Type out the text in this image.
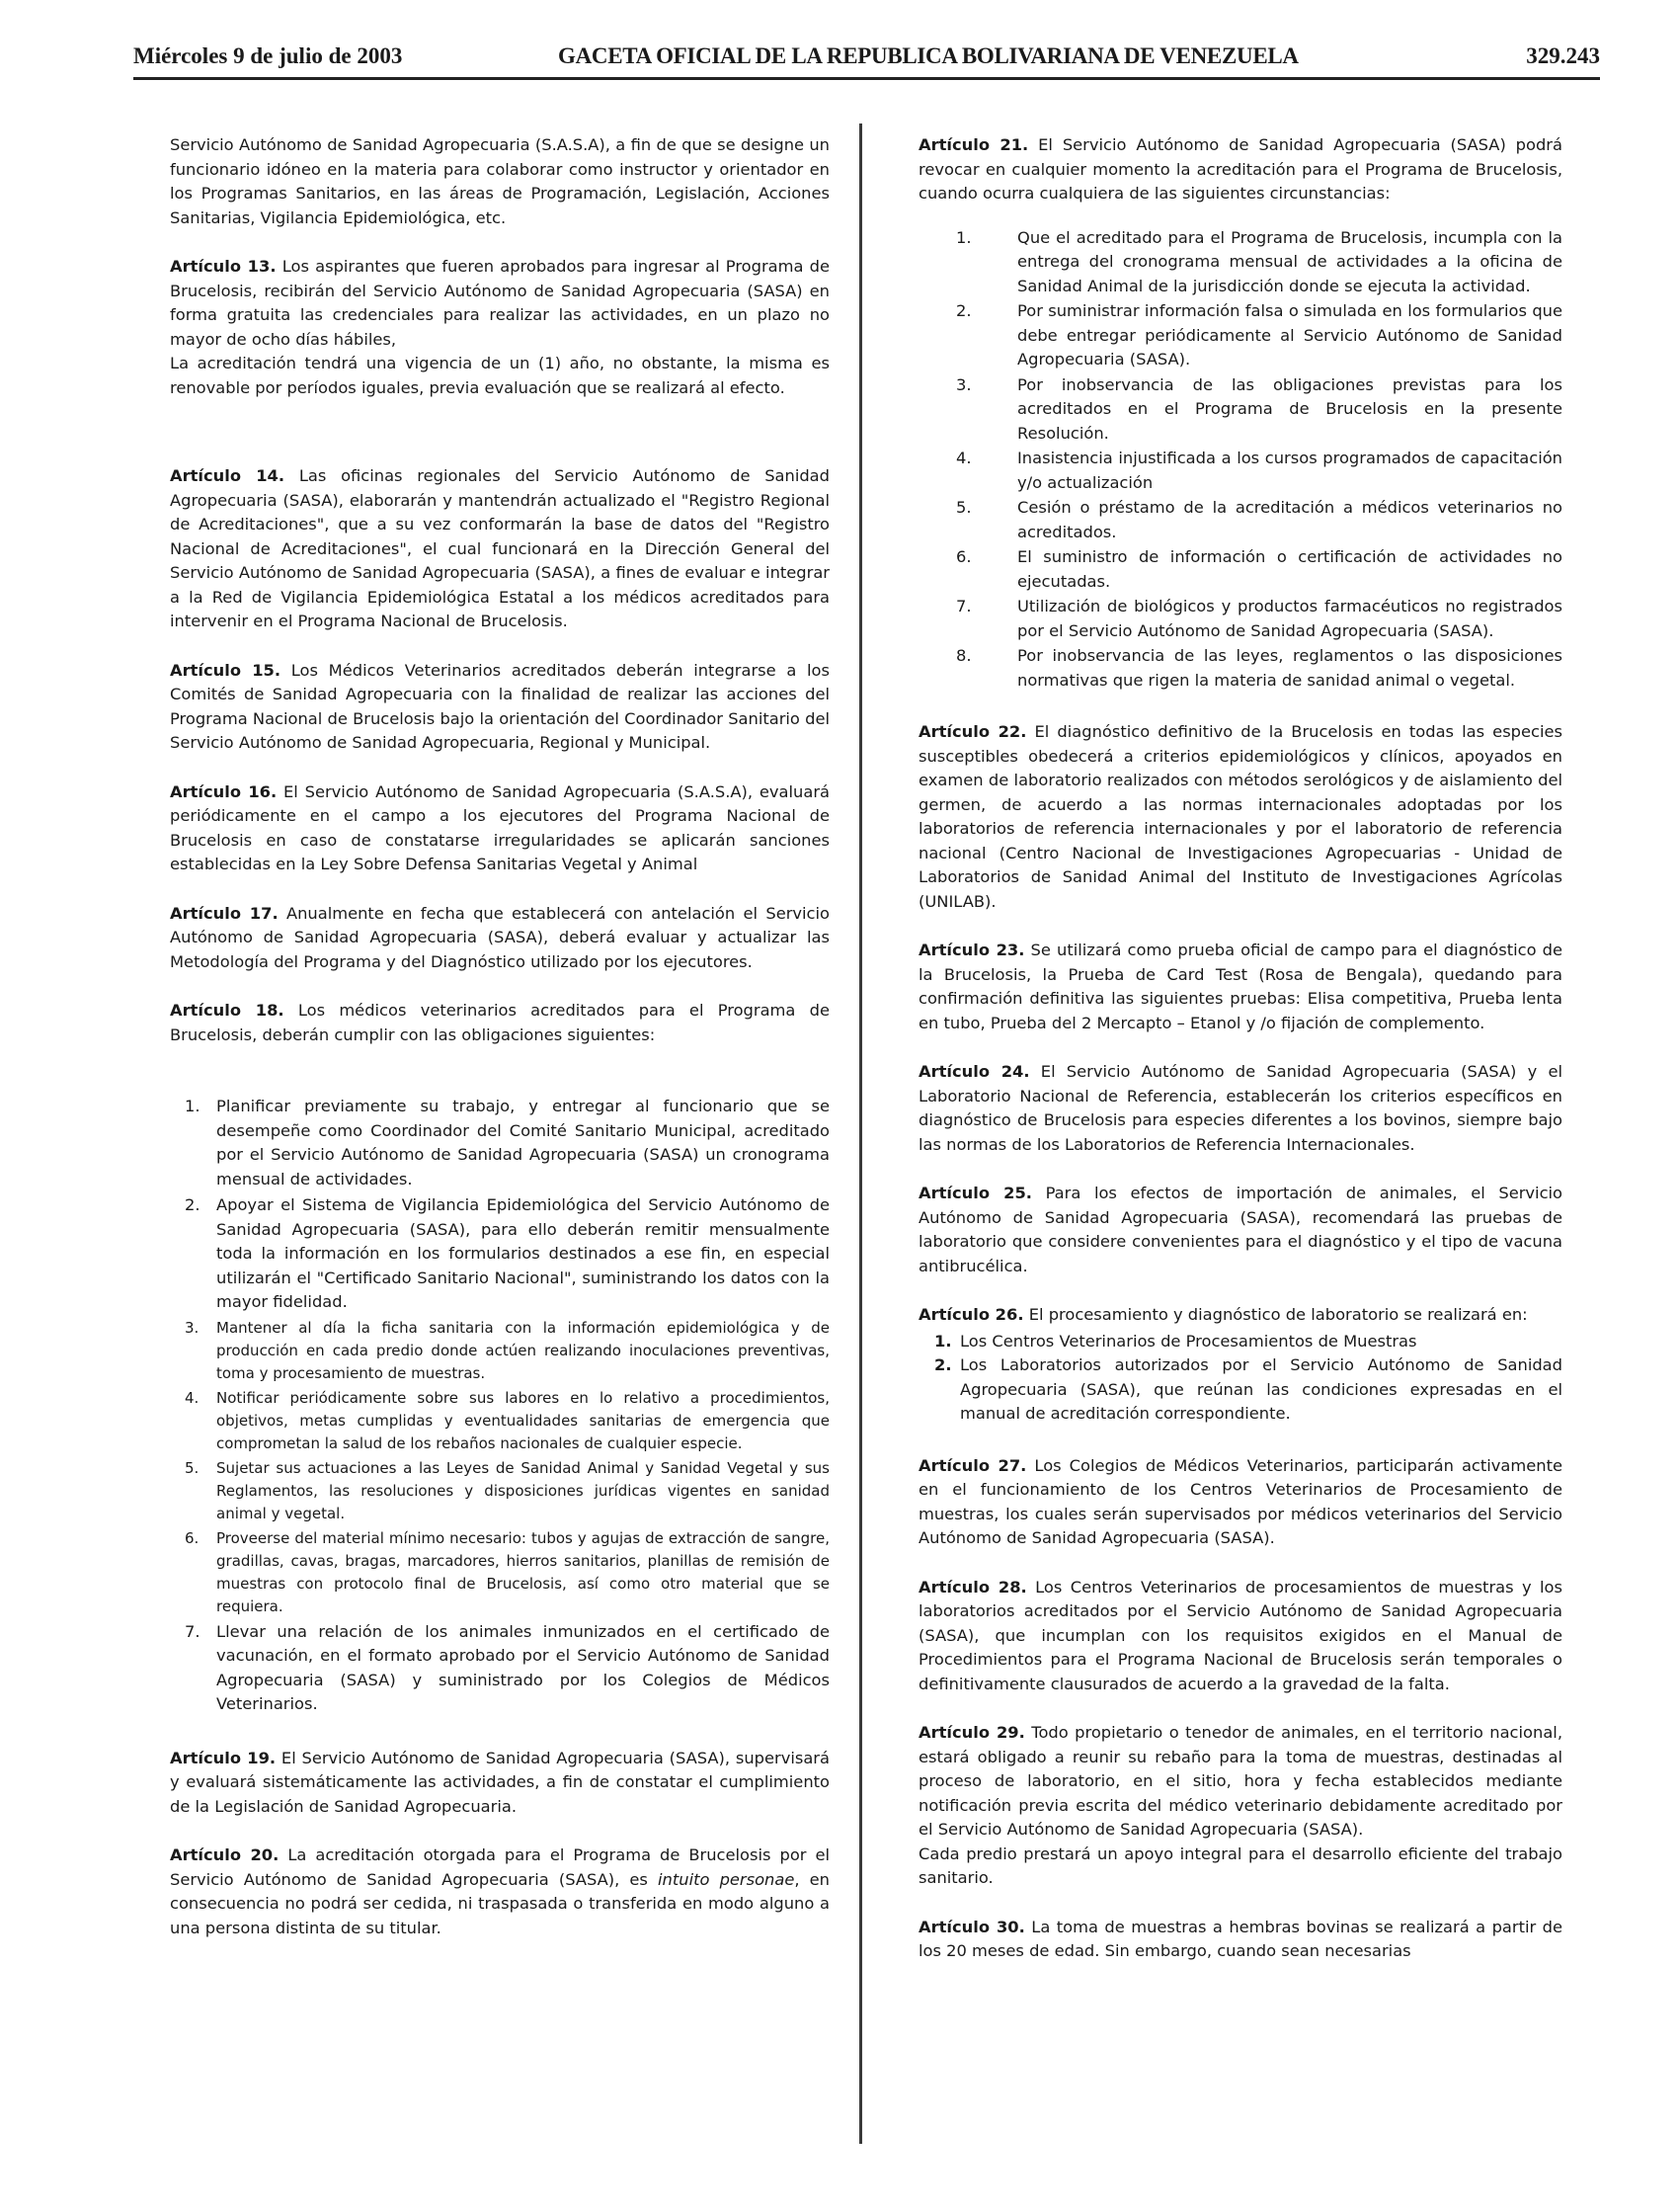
Miércoles 9 de julio de 2003	GACETA OFICIAL DE LA REPUBLICA BOLIVARIANA DE VENEZUELA	329.243

Servicio Autónomo de Sanidad Agropecuaria (S.A.S.A), a fin de que se designe un funcionario idóneo en la materia para colaborar como instructor y orientador en los Programas Sanitarios, en las áreas de Programación, Legislación, Acciones Sanitarias, Vigilancia Epidemiológica, etc.

Artículo 13. Los aspirantes que fueren aprobados para ingresar al Programa de Brucelosis, recibirán del Servicio Autónomo de Sanidad Agropecuaria (SASA) en forma gratuita las credenciales para realizar las actividades, en un plazo no mayor de ocho días hábiles,
La acreditación tendrá una vigencia de un (1) año, no obstante, la misma es renovable por períodos iguales, previa evaluación que se realizará al efecto.

Artículo 14. Las oficinas regionales del Servicio Autónomo de Sanidad Agropecuaria (SASA), elaborarán y mantendrán actualizado el "Registro Regional de Acreditaciones", que a su vez conformarán la base de datos del "Registro Nacional de Acreditaciones", el cual funcionará en la Dirección General del Servicio Autónomo de Sanidad Agropecuaria (SASA), a fines de evaluar e integrar a la Red de Vigilancia Epidemiológica Estatal a los médicos acreditados para intervenir en el Programa Nacional de Brucelosis.

Artículo 15. Los Médicos Veterinarios acreditados deberán integrarse a los Comités de Sanidad Agropecuaria con la finalidad de realizar las acciones del Programa Nacional de Brucelosis bajo la orientación del Coordinador Sanitario del Servicio Autónomo de Sanidad Agropecuaria, Regional y Municipal.

Artículo 16. El Servicio Autónomo de Sanidad Agropecuaria (S.A.S.A), evaluará periódicamente en el campo a los ejecutores del Programa Nacional de Brucelosis en caso de constatarse irregularidades se aplicarán sanciones establecidas en la Ley Sobre Defensa Sanitarias Vegetal y Animal

Artículo 17. Anualmente en fecha que establecerá con antelación el Servicio Autónomo de Sanidad Agropecuaria (SASA), deberá evaluar y actualizar las Metodología del Programa y del Diagnóstico utilizado por los ejecutores.

Artículo 18. Los médicos veterinarios acreditados para el Programa de Brucelosis, deberán cumplir con las obligaciones siguientes:

1. Planificar previamente su trabajo, y entregar al funcionario que se desempeñe como Coordinador del Comité Sanitario Municipal, acreditado por el Servicio Autónomo de Sanidad Agropecuaria (SASA) un cronograma mensual de actividades.
2. Apoyar el Sistema de Vigilancia Epidemiológica del Servicio Autónomo de Sanidad Agropecuaria (SASA), para ello deberán remitir mensualmente toda la información en los formularios destinados a ese fin, en especial utilizarán el "Certificado Sanitario Nacional", suministrando los datos con la mayor fidelidad.
3. Mantener al día la ficha sanitaria con la información epidemiológica y de producción en cada predio donde actúen realizando inoculaciones preventivas, toma y procesamiento de muestras.
4. Notificar periódicamente sobre sus labores en lo relativo a procedimientos, objetivos, metas cumplidas y eventualidades sanitarias de emergencia que comprometan la salud de los rebaños nacionales de cualquier especie.
5. Sujetar sus actuaciones a las Leyes de Sanidad Animal y Sanidad Vegetal y sus Reglamentos, las resoluciones y disposiciones jurídicas vigentes en sanidad animal y vegetal.
6. Proveerse del material mínimo necesario: tubos y agujas de extracción de sangre, gradillas, cavas, bragas, marcadores, hierros sanitarios, planillas de remisión de muestras con protocolo final de Brucelosis, así como otro material que se requiera.
7. Llevar una relación de los animales inmunizados en el certificado de vacunación, en el formato aprobado por el Servicio Autónomo de Sanidad Agropecuaria (SASA) y suministrado por los Colegios de Médicos Veterinarios.

Artículo 19. El Servicio Autónomo de Sanidad Agropecuaria (SASA), supervisará y evaluará sistemáticamente las actividades, a fin de constatar el cumplimiento de la Legislación de Sanidad Agropecuaria.

Artículo 20. La acreditación otorgada para el Programa de Brucelosis por el Servicio Autónomo de Sanidad Agropecuaria (SASA), es intuito personae, en consecuencia no podrá ser cedida, ni traspasada o transferida en modo alguno a una persona distinta de su titular.

Artículo 21. El Servicio Autónomo de Sanidad Agropecuaria (SASA) podrá revocar en cualquier momento la acreditación para el Programa de Brucelosis, cuando ocurra cualquiera de las siguientes circunstancias:

1.	Que el acreditado para el Programa de Brucelosis, incumpla con la entrega del cronograma mensual de actividades a la oficina de Sanidad Animal de la jurisdicción donde se ejecuta la actividad.
2.	Por suministrar información falsa o simulada en los formularios que debe entregar periódicamente al Servicio Autónomo de Sanidad Agropecuaria (SASA).
3.	Por inobservancia de las obligaciones previstas para los acreditados en el Programa de Brucelosis en la presente Resolución.
4.	Inasistencia injustificada a los cursos programados de capacitación y/o actualización
5.	Cesión o préstamo de la acreditación a médicos veterinarios no acreditados.
6.	El suministro de información o certificación de actividades no ejecutadas.
7.	Utilización de biológicos y productos farmacéuticos no registrados por el Servicio Autónomo de Sanidad Agropecuaria (SASA).
8.	Por inobservancia de las leyes, reglamentos o las disposiciones normativas que rigen la materia de sanidad animal o vegetal.

Artículo 22. El diagnóstico definitivo de la Brucelosis en todas las especies susceptibles obedecerá a criterios epidemiológicos y clínicos, apoyados en examen de laboratorio realizados con métodos serológicos y de aislamiento del germen, de acuerdo a las normas internacionales adoptadas por los laboratorios de referencia internacionales y por el laboratorio de referencia nacional (Centro Nacional de Investigaciones Agropecuarias - Unidad de Laboratorios de Sanidad Animal del Instituto de Investigaciones Agrícolas (UNILAB).

Artículo 23. Se utilizará como prueba oficial de campo para el diagnóstico de la Brucelosis, la Prueba de Card Test (Rosa de Bengala), quedando para confirmación definitiva las siguientes pruebas: Elisa competitiva, Prueba lenta en tubo, Prueba del 2 Mercapto – Etanol y /o fijación de complemento.

Artículo 24. El Servicio Autónomo de Sanidad Agropecuaria (SASA) y el Laboratorio Nacional de Referencia, establecerán los criterios específicos en diagnóstico de Brucelosis para especies diferentes a los bovinos, siempre bajo las normas de los Laboratorios de Referencia Internacionales.

Artículo 25. Para los efectos de importación de animales, el Servicio Autónomo de Sanidad Agropecuaria (SASA), recomendará las pruebas de laboratorio que considere convenientes para el diagnóstico y el tipo de vacuna antibrucélica.

Artículo 26. El procesamiento y diagnóstico de laboratorio se realizará en:

1. Los Centros Veterinarios de Procesamientos de Muestras
2. Los Laboratorios autorizados por el Servicio Autónomo de Sanidad Agropecuaria (SASA), que reúnan las condiciones expresadas en el manual de acreditación correspondiente.

Artículo 27. Los Colegios de Médicos Veterinarios, participarán activamente en el funcionamiento de los Centros Veterinarios de Procesamiento de muestras, los cuales serán supervisados por médicos veterinarios del Servicio Autónomo de Sanidad Agropecuaria (SASA).

Artículo 28. Los Centros Veterinarios de procesamientos de muestras y los laboratorios acreditados por el Servicio Autónomo de Sanidad Agropecuaria (SASA), que incumplan con los requisitos exigidos en el Manual de Procedimientos para el Programa Nacional de Brucelosis serán temporales o definitivamente clausurados de acuerdo a la gravedad de la falta.

Artículo 29. Todo propietario o tenedor de animales, en el territorio nacional, estará obligado a reunir su rebaño para la toma de muestras, destinadas al proceso de laboratorio, en el sitio, hora y fecha establecidos mediante notificación previa escrita del médico veterinario debidamente acreditado por el Servicio Autónomo de Sanidad Agropecuaria (SASA).
Cada predio prestará un apoyo integral para el desarrollo eficiente del trabajo sanitario.

Artículo 30. La toma de muestras a hembras bovinas se realizará a partir de los 20 meses de edad. Sin embargo, cuando sean necesarias
